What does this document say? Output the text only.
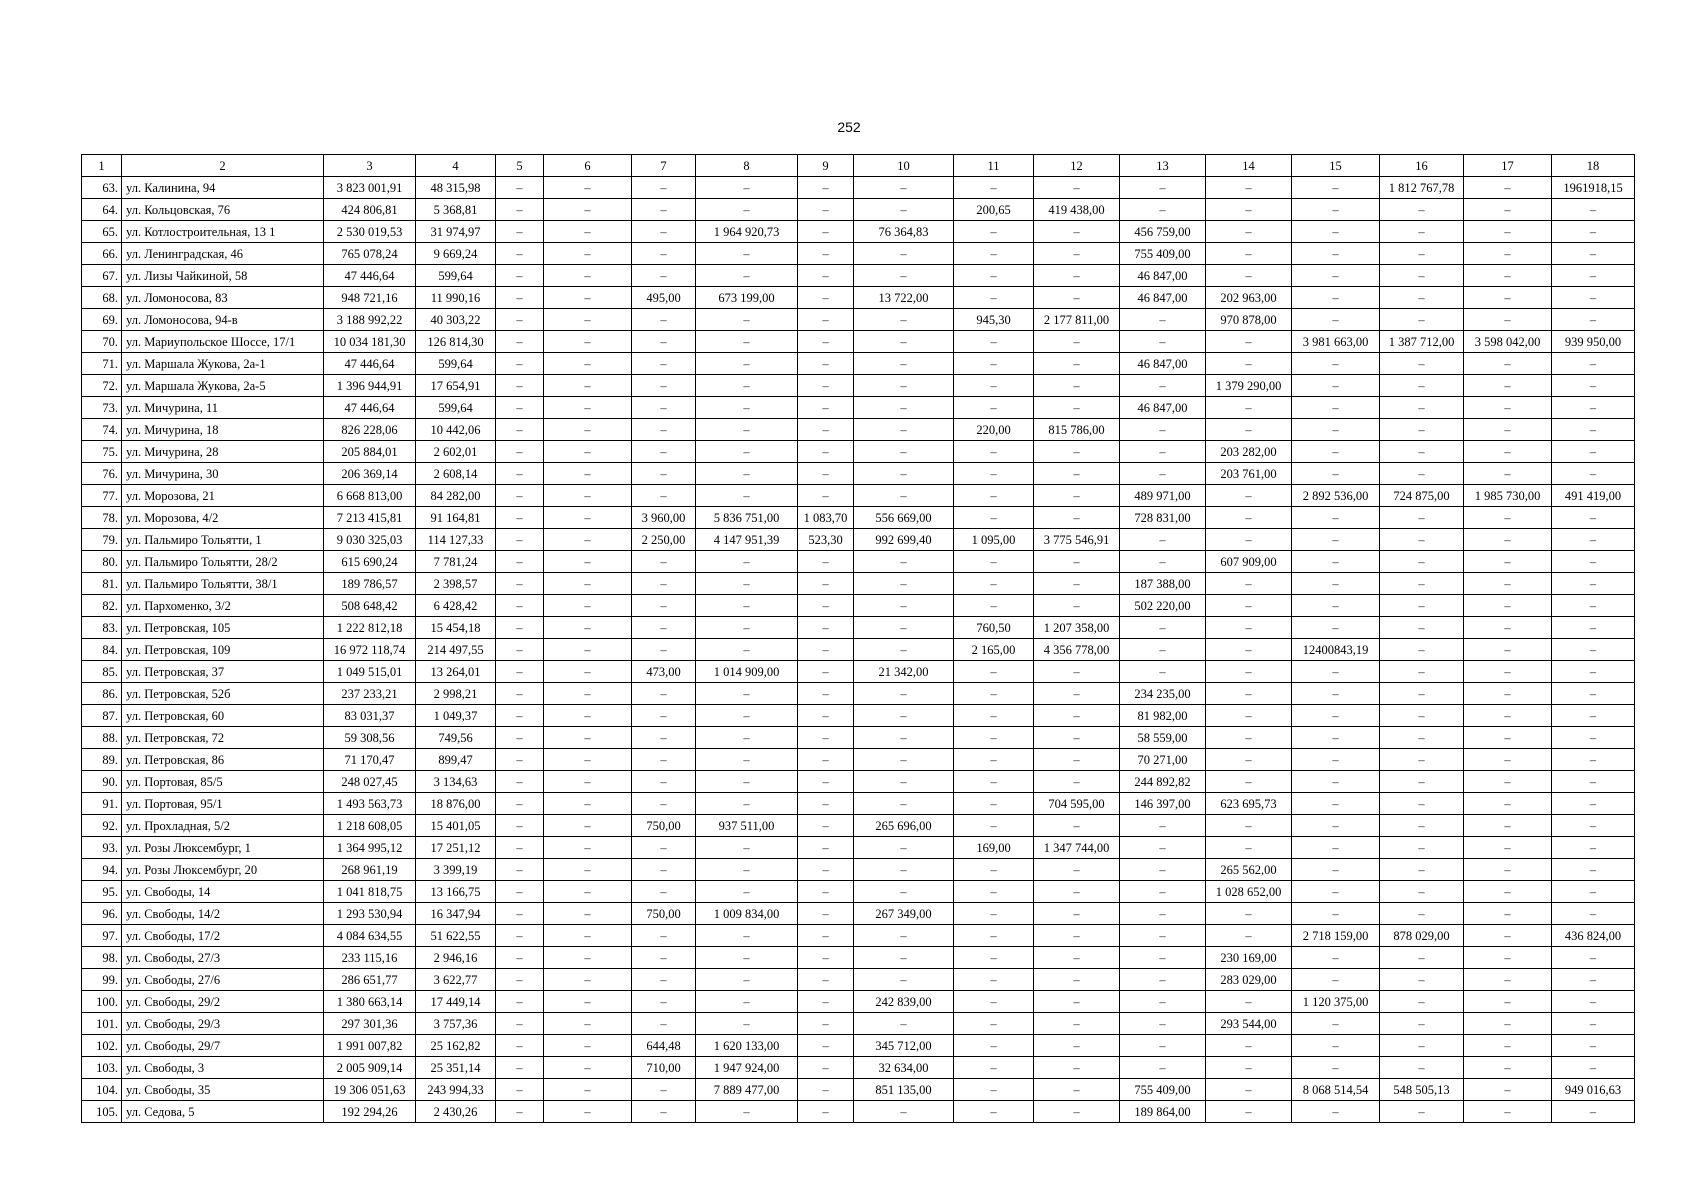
252
1	2	3	4	5	6	7	8	9	10	11	12	13	14	15	16	17	18
63.	ул. Калинина, 94	3 823 001,91	48 315,98	–	–	–	–	–	–	–	–	–	–	–	1 812 767,78	–	1961918,15
64.	ул. Кольцовская, 76	424 806,81	5 368,81	–	–	–	–	–	–	200,65	419 438,00	–	–	–	–	–	–
65.	ул. Котлостроительная, 13 1	2 530 019,53	31 974,97	–	–	–	1 964 920,73	–	76 364,83	–	–	456 759,00	–	–	–	–	–
66.	ул. Ленинградская, 46	765 078,24	9 669,24	–	–	–	–	–	–	–	–	755 409,00	–	–	–	–	–
67.	ул. Лизы Чайкиной, 58	47 446,64	599,64	–	–	–	–	–	–	–	–	46 847,00	–	–	–	–	–
68.	ул. Ломоносова, 83	948 721,16	11 990,16	–	–	495,00	673 199,00	–	13 722,00	–	–	46 847,00	202 963,00	–	–	–	–
69.	ул. Ломоносова, 94-в	3 188 992,22	40 303,22	–	–	–	–	–	–	945,30	2 177 811,00	–	970 878,00	–	–	–	–
70.	ул. Мариупольское Шоссе, 17/1	10 034 181,30	126 814,30	–	–	–	–	–	–	–	–	–	–	3 981 663,00	1 387 712,00	3 598 042,00	939 950,00
71.	ул. Маршала Жукова, 2а-1	47 446,64	599,64	–	–	–	–	–	–	–	–	46 847,00	–	–	–	–	–
72.	ул. Маршала Жукова, 2а-5	1 396 944,91	17 654,91	–	–	–	–	–	–	–	–	–	1 379 290,00	–	–	–	–
73.	ул. Мичурина, 11	47 446,64	599,64	–	–	–	–	–	–	–	–	46 847,00	–	–	–	–	–
74.	ул. Мичурина, 18	826 228,06	10 442,06	–	–	–	–	–	–	220,00	815 786,00	–	–	–	–	–	–
75.	ул. Мичурина, 28	205 884,01	2 602,01	–	–	–	–	–	–	–	–	–	203 282,00	–	–	–	–
76.	ул. Мичурина, 30	206 369,14	2 608,14	–	–	–	–	–	–	–	–	–	203 761,00	–	–	–	–
77.	ул. Морозова, 21	6 668 813,00	84 282,00	–	–	–	–	–	–	–	–	489 971,00	–	2 892 536,00	724 875,00	1 985 730,00	491 419,00
78.	ул. Морозова, 4/2	7 213 415,81	91 164,81	–	–	3 960,00	5 836 751,00	1 083,70	556 669,00	–	–	728 831,00	–	–	–	–	–
79.	ул. Пальмиро Тольятти, 1	9 030 325,03	114 127,33	–	–	2 250,00	4 147 951,39	523,30	992 699,40	1 095,00	3 775 546,91	–	–	–	–	–	–
80.	ул. Пальмиро Тольятти, 28/2	615 690,24	7 781,24	–	–	–	–	–	–	–	–	–	607 909,00	–	–	–	–
81.	ул. Пальмиро Тольятти, 38/1	189 786,57	2 398,57	–	–	–	–	–	–	–	–	187 388,00	–	–	–	–	–
82.	ул. Пархоменко, 3/2	508 648,42	6 428,42	–	–	–	–	–	–	–	–	502 220,00	–	–	–	–	–
83.	ул. Петровская, 105	1 222 812,18	15 454,18	–	–	–	–	–	–	760,50	1 207 358,00	–	–	–	–	–	–
84.	ул. Петровская, 109	16 972 118,74	214 497,55	–	–	–	–	–	–	2 165,00	4 356 778,00	–	–	12400843,19	–	–	–
85.	ул. Петровская, 37	1 049 515,01	13 264,01	–	–	473,00	1 014 909,00	–	21 342,00	–	–	–	–	–	–	–	–
86.	ул. Петровская, 52б	237 233,21	2 998,21	–	–	–	–	–	–	–	–	234 235,00	–	–	–	–	–
87.	ул. Петровская, 60	83 031,37	1 049,37	–	–	–	–	–	–	–	–	81 982,00	–	–	–	–	–
88.	ул. Петровская, 72	59 308,56	749,56	–	–	–	–	–	–	–	–	58 559,00	–	–	–	–	–
89.	ул. Петровская, 86	71 170,47	899,47	–	–	–	–	–	–	–	–	70 271,00	–	–	–	–	–
90.	ул. Портовая, 85/5	248 027,45	3 134,63	–	–	–	–	–	–	–	–	244 892,82	–	–	–	–	–
91.	ул. Портовая, 95/1	1 493 563,73	18 876,00	–	–	–	–	–	–	–	704 595,00	146 397,00	623 695,73	–	–	–	–
92.	ул. Прохладная, 5/2	1 218 608,05	15 401,05	–	–	750,00	937 511,00	–	265 696,00	–	–	–	–	–	–	–	–
93.	ул. Розы Люксембург, 1	1 364 995,12	17 251,12	–	–	–	–	–	–	169,00	1 347 744,00	–	–	–	–	–	–
94.	ул. Розы Люксембург, 20	268 961,19	3 399,19	–	–	–	–	–	–	–	–	–	265 562,00	–	–	–	–
95.	ул. Свободы, 14	1 041 818,75	13 166,75	–	–	–	–	–	–	–	–	–	1 028 652,00	–	–	–	–
96.	ул. Свободы, 14/2	1 293 530,94	16 347,94	–	–	750,00	1 009 834,00	–	267 349,00	–	–	–	–	–	–	–	–
97.	ул. Свободы, 17/2	4 084 634,55	51 622,55	–	–	–	–	–	–	–	–	–	–	2 718 159,00	878 029,00	–	436 824,00
98.	ул. Свободы, 27/3	233 115,16	2 946,16	–	–	–	–	–	–	–	–	–	230 169,00	–	–	–	–
99.	ул. Свободы, 27/6	286 651,77	3 622,77	–	–	–	–	–	–	–	–	–	283 029,00	–	–	–	–
100.	ул. Свободы, 29/2	1 380 663,14	17 449,14	–	–	–	–	–	242 839,00	–	–	–	–	1 120 375,00	–	–	–
101.	ул. Свободы, 29/3	297 301,36	3 757,36	–	–	–	–	–	–	–	–	–	293 544,00	–	–	–	–
102.	ул. Свободы, 29/7	1 991 007,82	25 162,82	–	–	644,48	1 620 133,00	–	345 712,00	–	–	–	–	–	–	–	–
103.	ул. Свободы, 3	2 005 909,14	25 351,14	–	–	710,00	1 947 924,00	–	32 634,00	–	–	–	–	–	–	–	–
104.	ул. Свободы, 35	19 306 051,63	243 994,33	–	–	–	7 889 477,00	–	851 135,00	–	–	755 409,00	–	8 068 514,54	548 505,13	–	949 016,63
105.	ул. Седова, 5	192 294,26	2 430,26	–	–	–	–	–	–	–	–	189 864,00	–	–	–	–	–
